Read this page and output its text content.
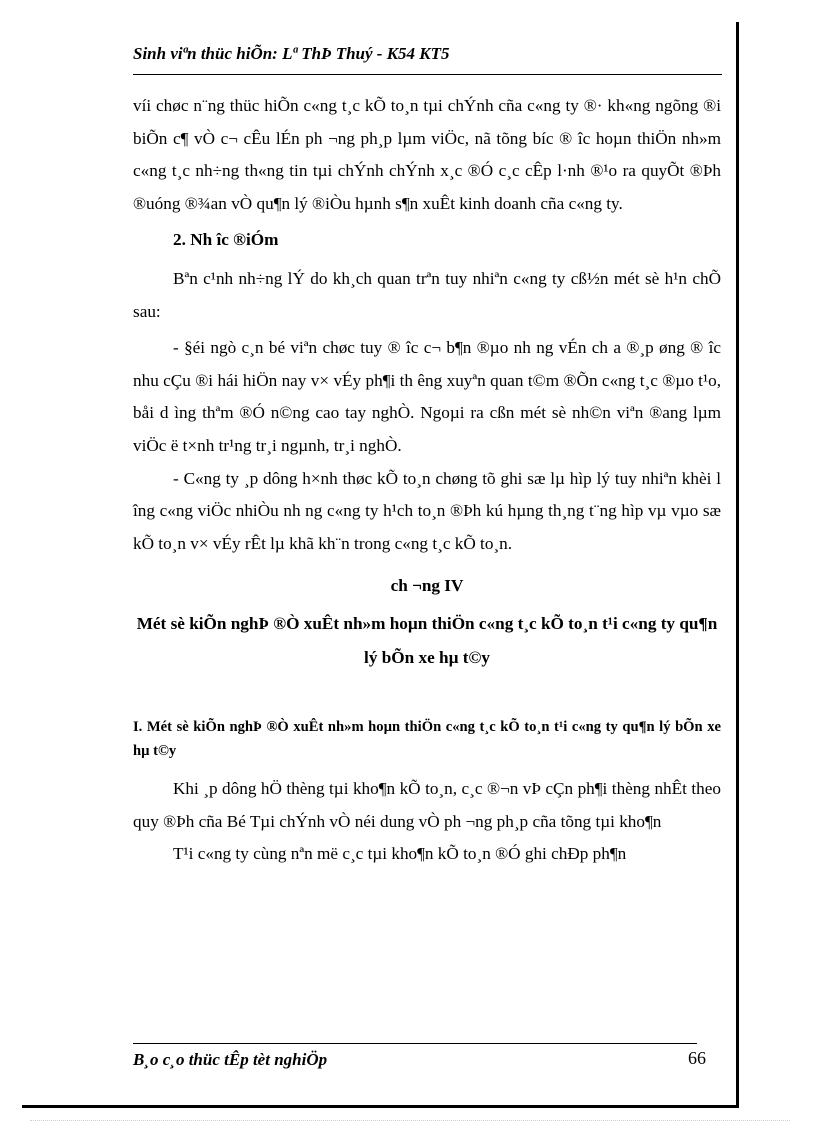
Sinh viªn thüc hiÕn: Lª ThÞ Thuý - K54 KT5

víi chøc n¨ng thüc hiÕn c«ng t¸c kÕ to¸n tµi chÝnh cña c«ng ty ®· kh«ng ngõng ®i biÕn c¶ vÒ c¬ cÊu lÉn ph ¬ng ph¸p lµm viÖc, nã tõng bíc ® îc hoµn thiÖn nh»m c«ng t¸c nh÷ng th«ng tin tµi chÝnh chÝnh x¸c ®Ó c¸c cÊp l·nh ®¹o ra quyÕt ®Þh ®uóng ®¾an vÒ qu¶n lý ®iÒu hµnh s¶n xuÊt kinh doanh cña c«ng ty.

2. Nh îc ®iÓm

Bªn c¹nh nh÷ng lÝ do kh¸ch quan trªn tuy nhiªn c«ng ty cß½n mét sè h¹n chÕ sau:

- §éi ngò c¸n bé viªn chøc tuy ® îc c¬ b¶n ®µo nh ng vÉn ch a ®¸p øng ® îc nhu cÇu ®i hái hiÖn nay v× vÉy ph¶i th êng xuyªn quan t©m ®Õn c«ng t¸c ®µo t¹o, båi d ìng thªm ®Ó n©ng cao tay nghÒ. Ngoµi ra cßn mét sè nh©n viªn ®ang lµm viÖc ë t×nh tr¹ng tr¸i ngµnh, tr¸i nghÒ.

- C«ng ty ¸p dông h×nh thøc kÕ to¸n chøng tõ ghi sæ lµ hìp lý tuy nhiªn khèi l îng c«ng viÖc nhiÒu nh ng c«ng ty h¹ch to¸n ®Þh kú hµng th¸ng t¨ng hìp vµ vµo sæ kÕ to¸n v× vÉy rÊt lµ khã kh¨n trong c«ng t¸c kÕ to¸n.

ch ¬ng IV

Mét sè kiÕn nghÞ ®Ò xuÊt nh»m hoµn thiÖn c«ng t¸c kÕ to¸n t¹i c«ng ty qu¶n lý bÕn xe hµ t©y

I. Mét sè kiÕn nghÞ ®Ò xuÊt nh»m hoµn thiÖn c«ng t¸c kÕ to¸n t¹i c«ng ty qu¶n lý bÕn xe hµ t©y

Khi ¸p dông hÖ thèng tµi kho¶n kÕ to¸n, c¸c ®¬n vÞ cÇn ph¶i thèng nhÊt theo quy ®Þh cña Bé Tµi chÝnh vÒ néi dung vÒ ph ¬ng ph¸p cña tõng tµi kho¶n

T¹i c«ng ty cùng nªn më c¸c tµi kho¶n kÕ to¸n ®Ó ghi chÐp ph¶n

B¸o c¸o thüc tÊp tèt nghiÖp	66
